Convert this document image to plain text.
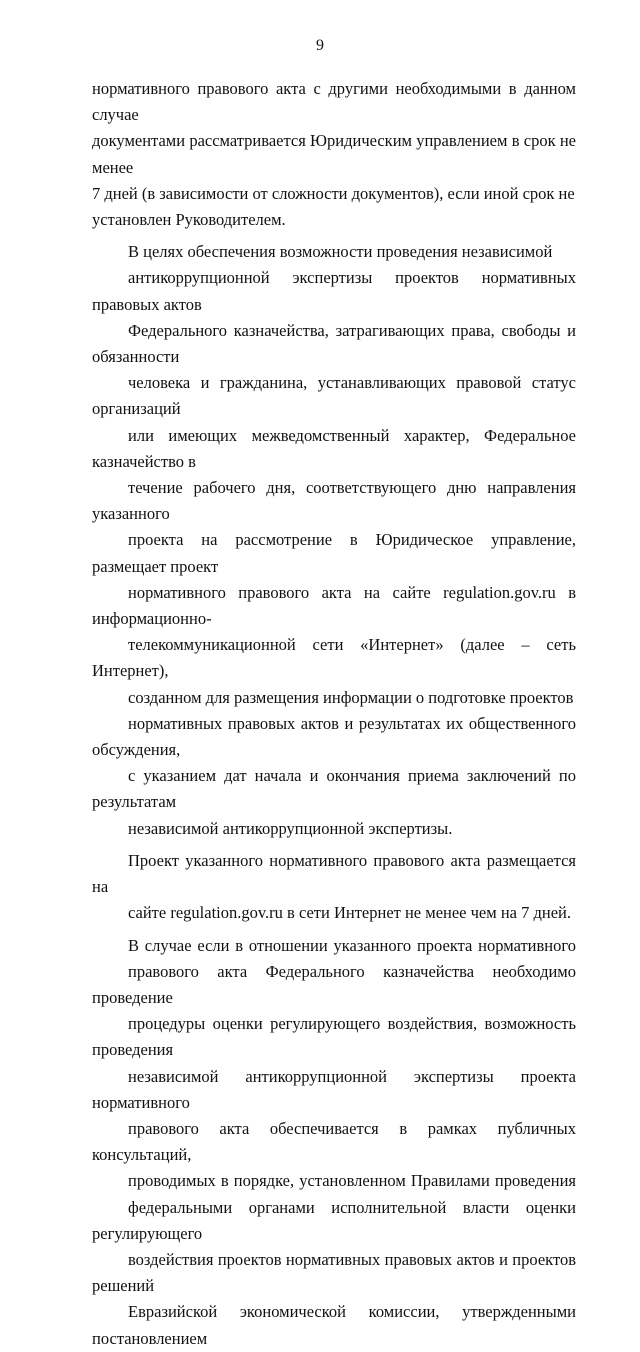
9

нормативного правового акта с другими необходимыми в данном случае
документами рассматривается Юридическим управлением в срок не менее
7 дней (в зависимости от сложности документов), если иной срок не
установлен Руководителем.

В целях обеспечения возможности проведения независимой
антикоррупционной экспертизы проектов нормативных правовых актов
Федерального казначейства, затрагивающих права, свободы и обязанности
человека и гражданина, устанавливающих правовой статус организаций
или имеющих межведомственный характер, Федеральное казначейство в
течение рабочего дня, соответствующего дню направления указанного
проекта на рассмотрение в Юридическое управление, размещает проект
нормативного правового акта на сайте regulation.gov.ru в информационно-
телекоммуникационной сети «Интернет» (далее – сеть Интернет),
созданном для размещения информации о подготовке проектов
нормативных правовых актов и результатах их общественного обсуждения,
с указанием дат начала и окончания приема заключений по результатам
независимой антикоррупционной экспертизы.

Проект указанного нормативного правового акта размещается на
сайте regulation.gov.ru в сети Интернет не менее чем на 7 дней.

В случае если в отношении указанного проекта нормативного
правового акта Федерального казначейства необходимо проведение
процедуры оценки регулирующего воздействия, возможность проведения
независимой антикоррупционной экспертизы проекта нормативного
правового акта обеспечивается в рамках публичных консультаций,
проводимых в порядке, установленном Правилами проведения
федеральными органами исполнительной власти оценки регулирующего
воздействия проектов нормативных правовых актов и проектов решений
Евразийской экономической комиссии, утвержденными постановлением
